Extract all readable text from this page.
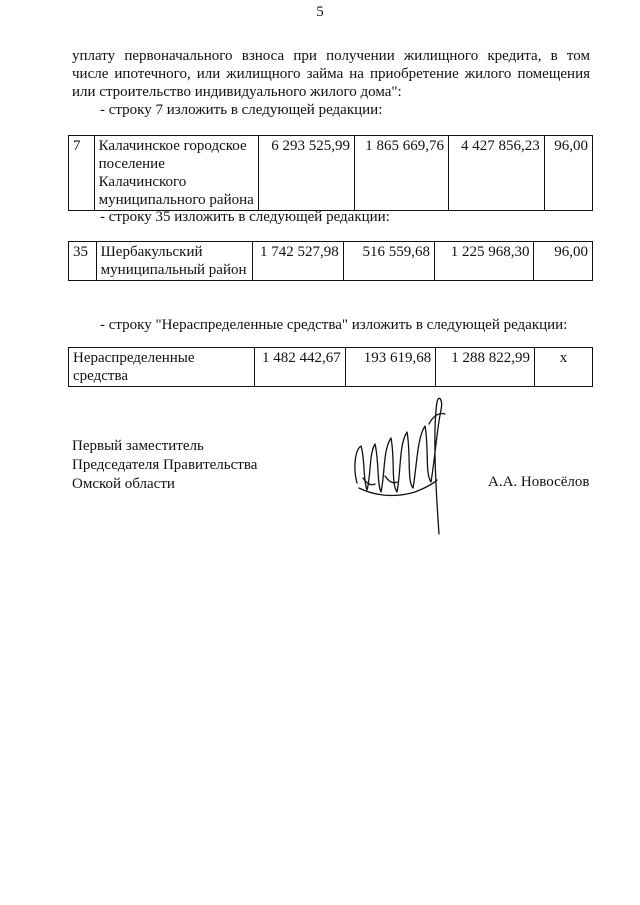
5
уплату первоначального взноса при получении жилищного кредита, в том
числе ипотечного, или жилищного займа на приобретение жилого помещения
или строительство индивидуального жилого дома":
- строку 7 изложить в следующей редакции:
7	Калачинское городское поселение Калачинского муниципального района	6 293 525,99	1 865 669,76	4 427 856,23	96,00
- строку 35 изложить в следующей редакции:
35	Шербакульский муниципальный район	1 742 527,98	516 559,68	1 225 968,30	96,00
- строку "Нераспределенные средства" изложить в следующей редакции:
Нераспределенные средства	1 482 442,67	193 619,68	1 288 822,99	х
Первый заместитель
Председателя Правительства
Омской области	А.А. Новосёлов
